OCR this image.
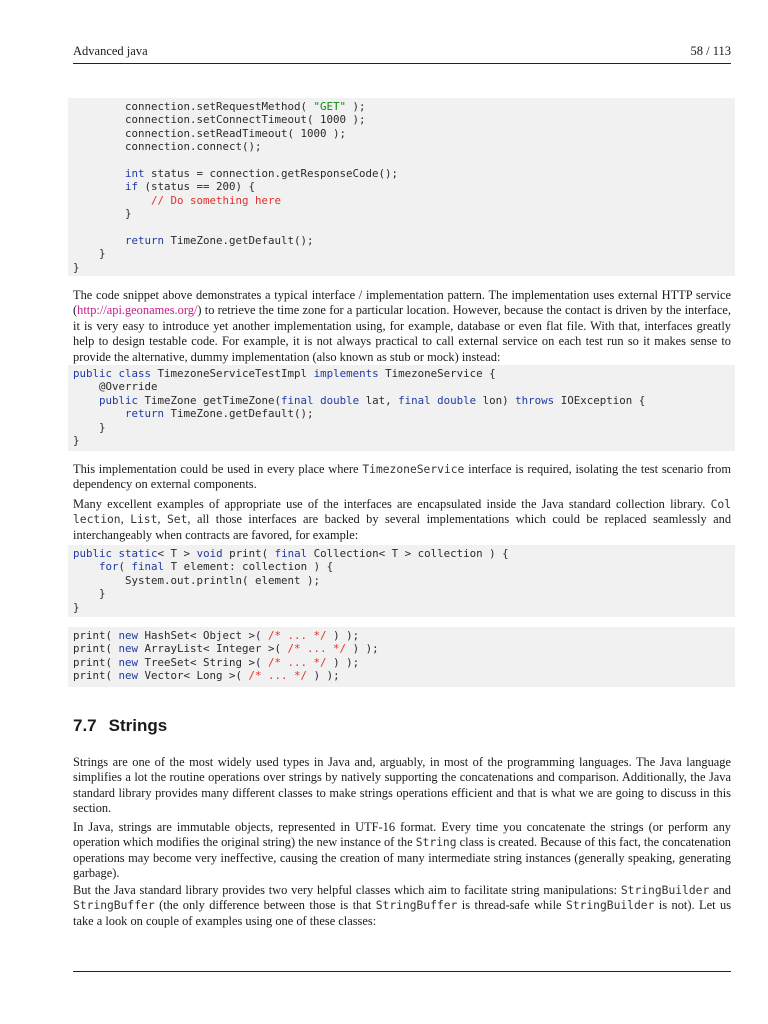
Advanced java	58 / 113
connection.setRequestMethod( "GET" );
connection.setConnectTimeout( 1000 );
connection.setReadTimeout( 1000 );
connection.connect();
int status = connection.getResponseCode();
if (status == 200) {
// Do something here
}
return TimeZone.getDefault();
}
}
The code snippet above demonstrates a typical interface / implementation pattern. The implementation uses external HTTP service (http://api.geonames.org/) to retrieve the time zone for a particular location. However, because the contact is driven by the interface, it is very easy to introduce yet another implementation using, for example, database or even flat file. With that, interfaces greatly help to design testable code. For example, it is not always practical to call external service on each test run so it makes sense to provide the alternative, dummy implementation (also known as stub or mock) instead:
public class TimezoneServiceTestImpl implements TimezoneService {
@Override
public TimeZone getTimeZone(final double lat, final double lon) throws IOException {
return TimeZone.getDefault();
}
}
This implementation could be used in every place where TimezoneService interface is required, isolating the test scenario from dependency on external components.
Many excellent examples of appropriate use of the interfaces are encapsulated inside the Java standard collection library. Col lection, List, Set, all those interfaces are backed by several implementations which could be replaced seamlessly and interchangeably when contracts are favored, for example:
public static< T > void print( final Collection< T > collection ) {
for( final T element: collection ) {
System.out.println( element );
}
}
print( new HashSet< Object >( /* ... */ ) );
print( new ArrayList< Integer >( /* ... */ ) );
print( new TreeSet< String >( /* ... */ ) );
print( new Vector< Long >( /* ... */ ) );
7.7 Strings
Strings are one of the most widely used types in Java and, arguably, in most of the programming languages. The Java language simplifies a lot the routine operations over strings by natively supporting the concatenations and comparison. Additionally, the Java standard library provides many different classes to make strings operations efficient and that is what we are going to discuss in this section.
In Java, strings are immutable objects, represented in UTF-16 format. Every time you concatenate the strings (or perform any operation which modifies the original string) the new instance of the String class is created. Because of this fact, the concatenation operations may become very ineffective, causing the creation of many intermediate string instances (generally speaking, generating garbage).
But the Java standard library provides two very helpful classes which aim to facilitate string manipulations: StringBuilder and StringBuffer (the only difference between those is that StringBuffer is thread-safe while StringBuilder is not). Let us take a look on couple of examples using one of these classes:
